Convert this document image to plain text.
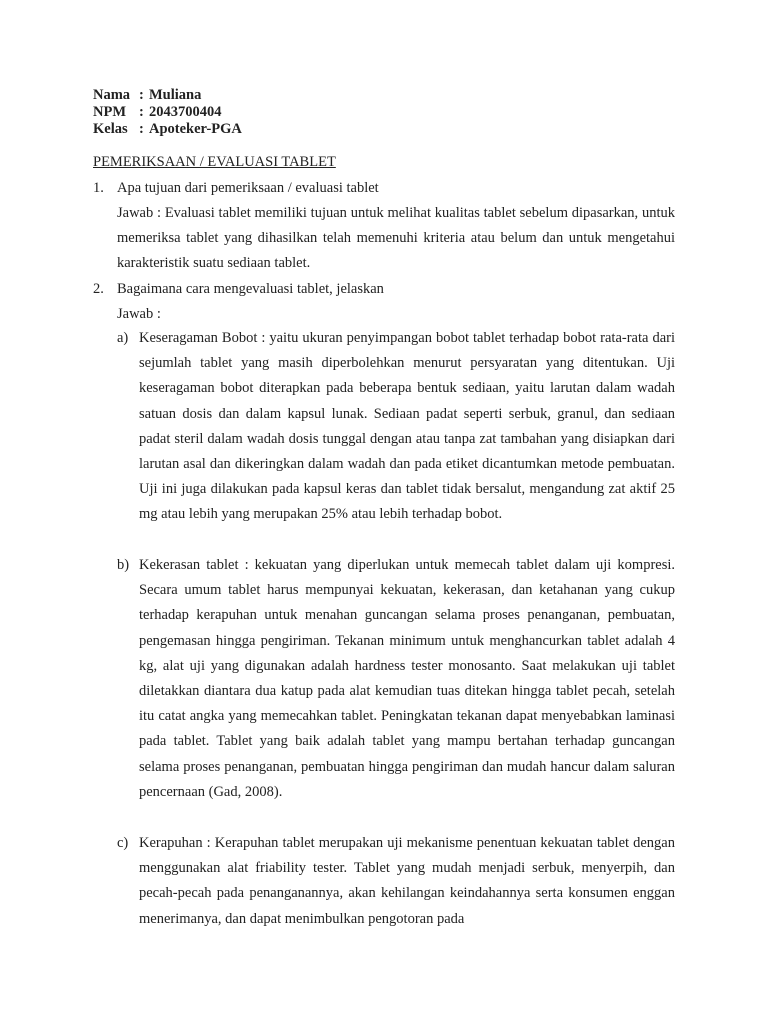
Nama : Muliana
NPM : 2043700404
Kelas : Apoteker-PGA
PEMERIKSAAN / EVALUASI TABLET
1. Apa tujuan dari pemeriksaan / evaluasi tablet

Jawab : Evaluasi tablet memiliki tujuan untuk melihat kualitas tablet sebelum dipasarkan, untuk memeriksa tablet yang dihasilkan telah memenuhi kriteria atau belum dan untuk mengetahui karakteristik suatu sediaan tablet.

2. Bagaimana cara mengevaluasi tablet, jelaskan
Jawab :
a) Keseragaman Bobot : yaitu ukuran penyimpangan bobot tablet terhadap bobot rata-rata dari sejumlah tablet yang masih diperbolehkan menurut persyaratan yang ditentukan. Uji keseragaman bobot diterapkan pada beberapa bentuk sediaan, yaitu larutan dalam wadah satuan dosis dan dalam kapsul lunak. Sediaan padat seperti serbuk, granul, dan sediaan padat steril dalam wadah dosis tunggal dengan atau tanpa zat tambahan yang disiapkan dari larutan asal dan dikeringkan dalam wadah dan pada etiket dicantumkan metode pembuatan. Uji ini juga dilakukan pada kapsul keras dan tablet tidak bersalut, mengandung zat aktif 25 mg atau lebih yang merupakan 25% atau lebih terhadap bobot.

b) Kekerasan tablet : kekuatan yang diperlukan untuk memecah tablet dalam uji kompresi. Secara umum tablet harus mempunyai kekuatan, kekerasan, dan ketahanan yang cukup terhadap kerapuhan untuk menahan guncangan selama proses penanganan, pembuatan, pengemasan hingga pengiriman. Tekanan minimum untuk menghancurkan tablet adalah 4 kg, alat uji yang digunakan adalah hardness tester monosanto. Saat melakukan uji tablet diletakkan diantara dua katup pada alat kemudian tuas ditekan hingga tablet pecah, setelah itu catat angka yang memecahkan tablet. Peningkatan tekanan dapat menyebabkan laminasi pada tablet. Tablet yang baik adalah tablet yang mampu bertahan terhadap guncangan selama proses penanganan, pembuatan hingga pengiriman dan mudah hancur dalam saluran pencernaan (Gad, 2008).

c) Kerapuhan : Kerapuhan tablet merupakan uji mekanisme penentuan kekuatan tablet dengan menggunakan alat friability tester. Tablet yang mudah menjadi serbuk, menyerpih, dan pecah-pecah pada penanganannya, akan kehilangan keindahannya serta konsumen enggan menerimanya, dan dapat menimbulkan pengotoran pada
